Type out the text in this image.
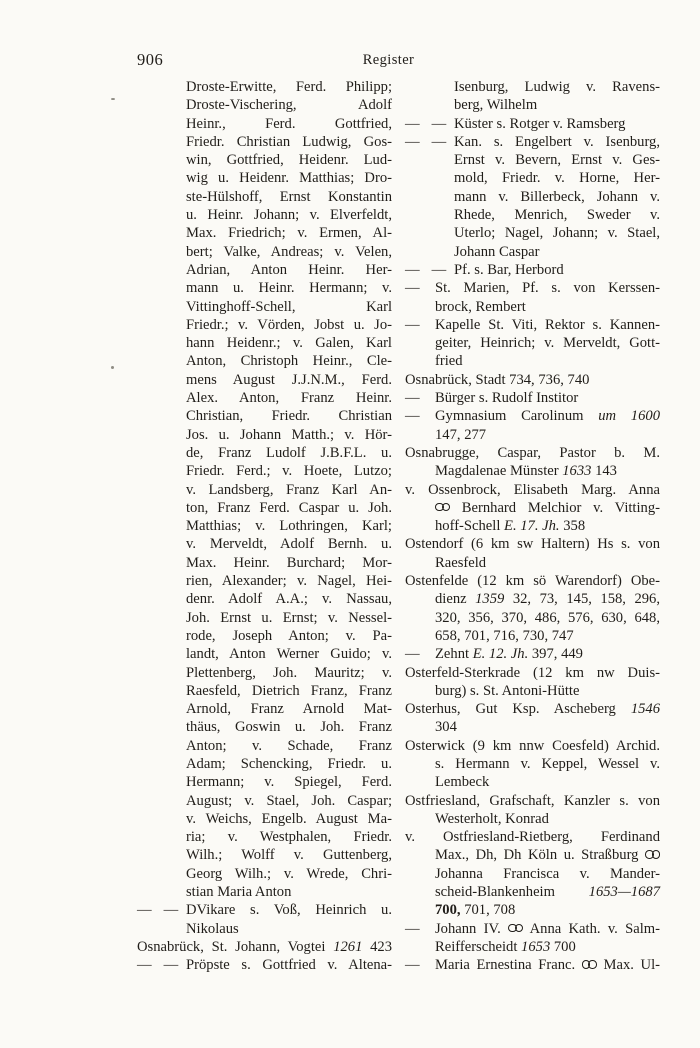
906	Register
Droste-Erwitte, Ferd. Philipp;
Droste-Vischering, Adolf
Heinr., Ferd. Gottfried,
Friedr. Christian Ludwig, Gos-
win, Gottfried, Heidenr. Lud-
wig u. Heidenr. Matthias; Dro-
ste-Hülshoff, Ernst Konstantin
u. Heinr. Johann; v. Elverfeldt,
Max. Friedrich; v. Ermen, Al-
bert; Valke, Andreas; v. Velen,
Adrian, Anton Heinr. Her-
mann u. Heinr. Hermann; v.
Vittinghoff-Schell, Karl
Friedr.; v. Vörden, Jobst u. Jo-
hann Heidenr.; v. Galen, Karl
Anton, Christoph Heinr., Cle-
mens August J.J.N.M., Ferd.
Alex. Anton, Franz Heinr.
Christian, Friedr. Christian
Jos. u. Johann Matth.; v. Hör-
de, Franz Ludolf J.B.F.L. u.
Friedr. Ferd.; v. Hoete, Lutzo;
v. Landsberg, Franz Karl An-
ton, Franz Ferd. Caspar u. Joh.
Matthias; v. Lothringen, Karl;
v. Merveldt, Adolf Bernh. u.
Max. Heinr. Burchard; Mor-
rien, Alexander; v. Nagel, Hei-
denr. Adolf A.A.; v. Nassau,
Joh. Ernst u. Ernst; v. Nessel-
rode, Joseph Anton; v. Pa-
landt, Anton Werner Guido; v.
Plettenberg, Joh. Mauritz; v.
Raesfeld, Dietrich Franz, Franz
Arnold, Franz Arnold Mat-
thäus, Goswin u. Joh. Franz
Anton; v. Schade, Franz
Adam; Schencking, Friedr. u.
Hermann; v. Spiegel, Ferd.
August; v. Stael, Joh. Caspar;
v. Weichs, Engelb. August Ma-
ria; v. Westphalen, Friedr.
Wilh.; Wolff v. Guttenberg,
Georg Wilh.; v. Wrede, Chri-
stian Maria Anton
— — DVikare s. Voß, Heinrich u.
Nikolaus
Osnabrück, St. Johann, Vogtei 1261 423
— — Pröpste s. Gottfried v. Altena-
Isenburg, Ludwig v. Ravens-
berg, Wilhelm
— — Küster s. Rotger v. Ramsberg
— — Kan. s. Engelbert v. Isenburg,
Ernst v. Bevern, Ernst v. Ges-
mold, Friedr. v. Horne, Her-
mann v. Billerbeck, Johann v.
Rhede, Menrich, Sweder v.
Uterlo; Nagel, Johann; v. Stael,
Johann Caspar
— — Pf. s. Bar, Herbord
— St. Marien, Pf. s. von Kerssen-
brock, Rembert
— Kapelle St. Viti, Rektor s. Kannen-
geiter, Heinrich; v. Merveldt, Gott-
fried
Osnabrück, Stadt 734, 736, 740
— Bürger s. Rudolf Institor
— Gymnasium Carolinum um 1600
147, 277
Osnabrugge, Caspar, Pastor b. M.
Magdalenae Münster 1633 143
v. Ossenbrock, Elisabeth Marg. Anna
Bernhard Melchior v. Vitting-
hoff-Schell E. 17. Jh. 358
Ostendorf (6 km sw Haltern) Hs s. von
Raesfeld
Ostenfelde (12 km sö Warendorf) Obe-
dienz 1359 32, 73, 145, 158, 296,
320, 356, 370, 486, 576, 630, 648,
658, 701, 716, 730, 747
— Zehnt E. 12. Jh. 397, 449
Osterfeld-Sterkrade (12 km nw Duis-
burg) s. St. Antoni-Hütte
Osterhus, Gut Ksp. Ascheberg 1546
304
Osterwick (9 km nnw Coesfeld) Archid.
s. Hermann v. Keppel, Wessel v.
Lembeck
Ostfriesland, Grafschaft, Kanzler s. von
Westerholt, Konrad
v. Ostfriesland-Rietberg, Ferdinand
Max., Dh, Dh Köln u. Straßburg
Johanna Francisca v. Mander-
scheid-Blankenheim 1653—1687
700, 701, 708
— Johann IV.  Anna Kath. v. Salm-
Reifferscheidt 1653 700
— Maria Ernestina Franc.  Max. Ul-
